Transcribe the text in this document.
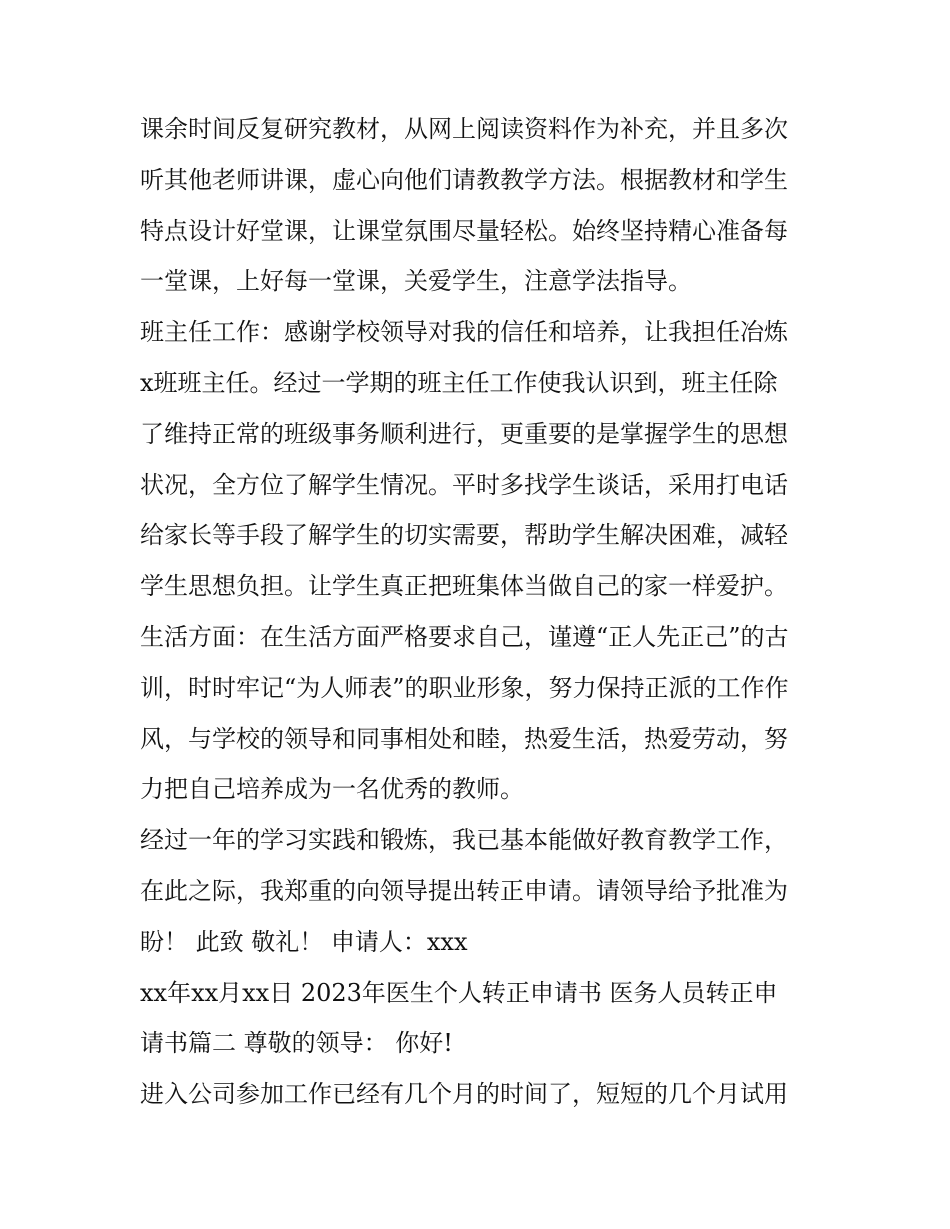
课余时间反复研究教材，从网上阅读资料作为补充，并且多次
听其他老师讲课，虚心向他们请教教学方法。根据教材和学生
特点设计好堂课，让课堂氛围尽量轻松。始终坚持精心准备每
一堂课，上好每一堂课，关爱学生，注意学法指导。
班主任工作：感谢学校领导对我的信任和培养，让我担任冶炼
x班班主任。经过一学期的班主任工作使我认识到，班主任除
了维持正常的班级事务顺利进行，更重要的是掌握学生的思想
状况，全方位了解学生情况。平时多找学生谈话，采用打电话
给家长等手段了解学生的切实需要，帮助学生解决困难，减轻
学生思想负担。让学生真正把班集体当做自己的家一样爱护。
生活方面：在生活方面严格要求自己，谨遵“正人先正己”的古
训，时时牢记“为人师表”的职业形象，努力保持正派的工作作
风，与学校的领导和同事相处和睦，热爱生活，热爱劳动，努
力把自己培养成为一名优秀的教师。
经过一年的学习实践和锻炼，我已基本能做好教育教学工作，
在此之际，我郑重的向领导提出转正申请。请领导给予批准为
盼！ 此致 敬礼！ 申请人：xxx
xx年xx月xx日 2023年医生个人转正申请书 医务人员转正申
请书篇二 尊敬的领导： 你好!
进入公司参加工作已经有几个月的时间了，短短的几个月试用
